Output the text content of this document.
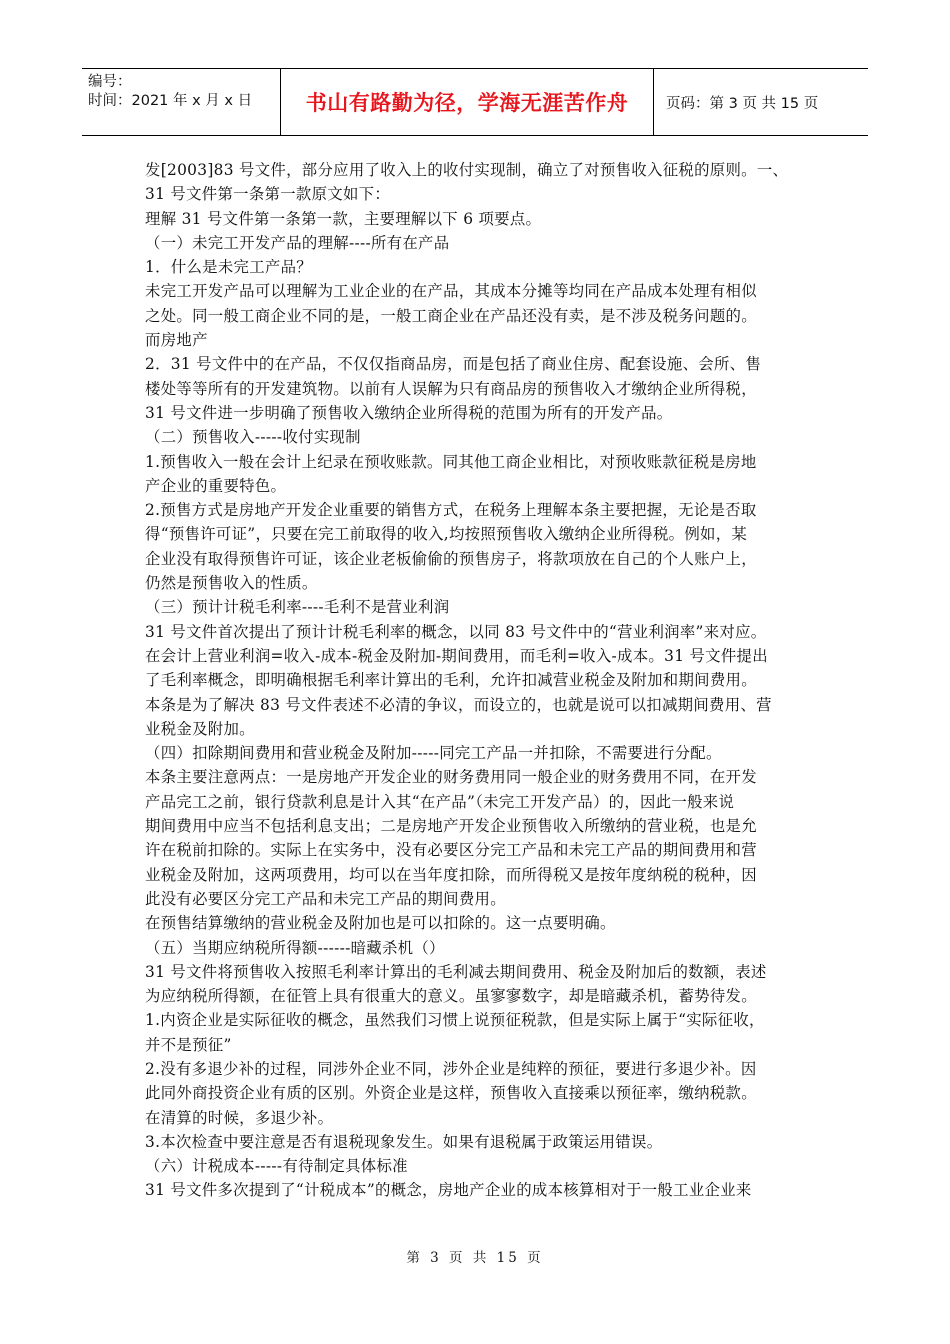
编号：
时间：2021 年 x 月 x 日	书山有路勤为径，学海无涯苦作舟	页码：第 3 页 共 15 页

发[2003]83 号文件，部分应用了收入上的收付实现制，确立了对预售收入征税的原则。一、

31 号文件第一条第一款原文如下：

理解 31 号文件第一条第一款，主要理解以下 6 项要点。

（一）未完工开发产品的理解----所有在产品

1．什么是未完工产品？

未完工开发产品可以理解为工业企业的在产品，其成本分摊等均同在产品成本处理有相似

之处。同一般工商企业不同的是，一般工商企业在产品还没有卖，是不涉及税务问题的。

而房地产

2．31 号文件中的在产品，不仅仅指商品房，而是包括了商业住房、配套设施、会所、售

楼处等等所有的开发建筑物。以前有人误解为只有商品房的预售收入才缴纳企业所得税，

31 号文件进一步明确了预售收入缴纳企业所得税的范围为所有的开发产品。

（二）预售收入-----收付实现制

1.预售收入一般在会计上纪录在预收账款。同其他工商企业相比，对预收账款征税是房地

产企业的重要特色。

2.预售方式是房地产开发企业重要的销售方式，在税务上理解本条主要把握，无论是否取

得“预售许可证”，只要在完工前取得的收入,均按照预售收入缴纳企业所得税。例如，某

企业没有取得预售许可证，该企业老板偷偷的预售房子，将款项放在自己的个人账户上，

仍然是预售收入的性质。

（三）预计计税毛利率----毛利不是营业利润

31 号文件首次提出了预计计税毛利率的概念，以同 83 号文件中的“营业利润率”来对应。

在会计上营业利润=收入-成本-税金及附加-期间费用，而毛利=收入-成本。31 号文件提出

了毛利率概念，即明确根据毛利率计算出的毛利，允许扣减营业税金及附加和期间费用。

本条是为了解决 83 号文件表述不必清的争议，而设立的，也就是说可以扣减期间费用、营

业税金及附加。

（四）扣除期间费用和营业税金及附加-----同完工产品一并扣除，不需要进行分配。

本条主要注意两点：一是房地产开发企业的财务费用同一般企业的财务费用不同，在开发

产品完工之前，银行贷款利息是计入其“在产品”（未完工开发产品）的，因此一般来说

期间费用中应当不包括利息支出；二是房地产开发企业预售收入所缴纳的营业税，也是允

许在税前扣除的。实际上在实务中，没有必要区分完工产品和未完工产品的期间费用和营

业税金及附加，这两项费用，均可以在当年度扣除，而所得税又是按年度纳税的税种，因

此没有必要区分完工产品和未完工产品的期间费用。

在预售结算缴纳的营业税金及附加也是可以扣除的。这一点要明确。

（五）当期应纳税所得额------暗藏杀机（）

31 号文件将预售收入按照毛利率计算出的毛利减去期间费用、税金及附加后的数额，表述

为应纳税所得额，在征管上具有很重大的意义。虽寥寥数字，却是暗藏杀机，蓄势待发。

1.内资企业是实际征收的概念，虽然我们习惯上说预征税款，但是实际上属于“实际征收，

并不是预征”

2.没有多退少补的过程，同涉外企业不同，涉外企业是纯粹的预征，要进行多退少补。因

此同外商投资企业有质的区别。外资企业是这样，预售收入直接乘以预征率，缴纳税款。

在清算的时候，多退少补。

3.本次检查中要注意是否有退税现象发生。如果有退税属于政策运用错误。

（六）计税成本-----有待制定具体标准

31 号文件多次提到了“计税成本”的概念，房地产企业的成本核算相对于一般工业企业来

第 3 页 共 15 页
